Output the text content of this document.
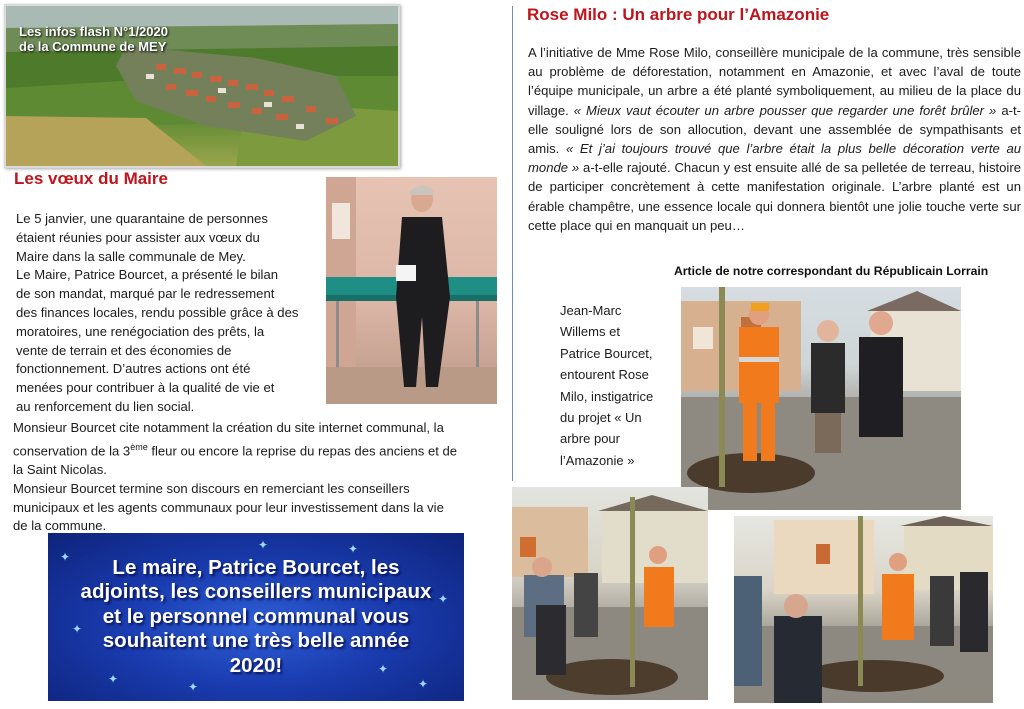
Les infos flash N°1/2020
de la Commune de MEY

Les vœux du Maire

Le 5 janvier, une quarantaine de personnes
étaient réunies pour assister aux vœux du
Maire dans la salle communale de Mey.
Le Maire, Patrice Bourcet, a présenté le bilan
de son mandat, marqué par le redressement
des finances locales, rendu possible grâce à des
moratoires, une renégociation des prêts, la
vente de terrain et des économies de
fonctionnement. D’autres actions ont été
menées pour contribuer à la qualité de vie et
au renforcement du lien social.

Monsieur Bourcet cite notamment la création du site internet communal, la
conservation de la 3ème fleur ou encore la reprise du repas des anciens et de
la Saint Nicolas.

Monsieur Bourcet termine son discours en remerciant les conseillers
municipaux et les agents communaux pour leur investissement dans la vie
de la commune.

✦
✦
✦
✦
✦
✦
✦
✦
✦

Le maire, Patrice Bourcet, les
adjoints, les conseillers municipaux
et le personnel communal vous
souhaitent une très belle année
2020!

Rose Milo : Un arbre pour l’Amazonie

A l’initiative de Mme Rose Milo, conseillère municipale de la commune, très sensible au problème de déforestation, notamment en Amazonie, et avec l’aval de toute l’équipe municipale, un arbre a été planté symboliquement, au milieu de la place du village. « Mieux vaut écouter un arbre pousser que regarder une forêt brûler » a-t-elle souligné lors de son allocution, devant une assemblée de sympathisants et amis. « Et j’ai toujours trouvé que l’arbre était la plus belle décoration verte au monde » a-t-elle rajouté. Chacun y est ensuite allé de sa pelletée de terreau, histoire de participer concrètement à cette manifestation originale. L’arbre planté est un érable champêtre, une essence locale qui donnera bientôt une jolie touche verte sur cette place qui en manquait un peu…

Article de notre correspondant du Républicain Lorrain

Jean-Marc
Willems et
Patrice Bourcet,
entourent Rose
Milo, instigatrice
du projet « Un
arbre pour
l’Amazonie »
